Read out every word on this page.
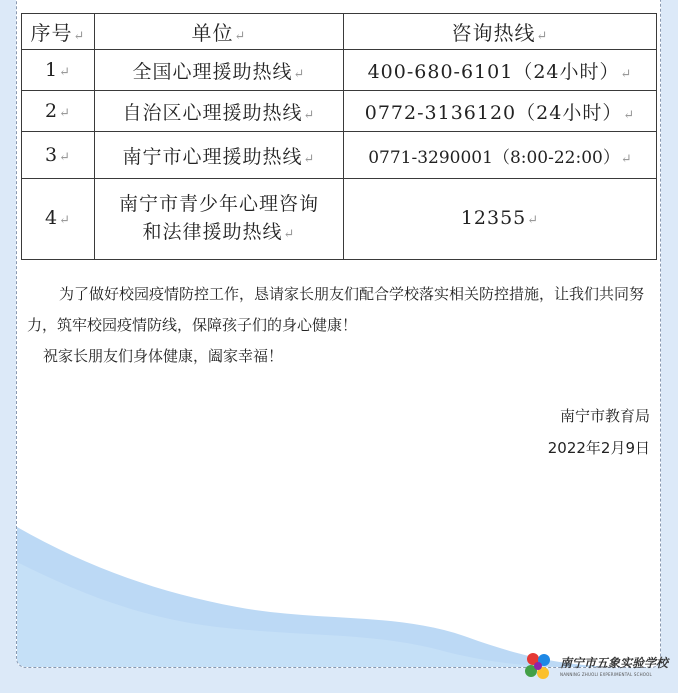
序号↵	单位↵	咨询热线↵
1↵	全国心理援助热线↵	400-680-6101（24小时）↵
2↵	自治区心理援助热线↵	0772-3136120（24小时）↵
3↵	南宁市心理援助热线↵	0771-3290001（8:00-22:00）↵
4↵	南宁市青少年心理咨询
和法律援助热线↵	12355↵

为了做好校园疫情防控工作，恳请家长朋友们配合学校落实相关防控措施，让我们共同努力，筑牢校园疫情防线，保障孩子们的身心健康！

祝家长朋友们身体健康，阖家幸福！

南宁市教育局
2022年2月9日
南宁市五象实验学校
NANNING ZHUOLI EXPERIMENTAL SCHOOL
